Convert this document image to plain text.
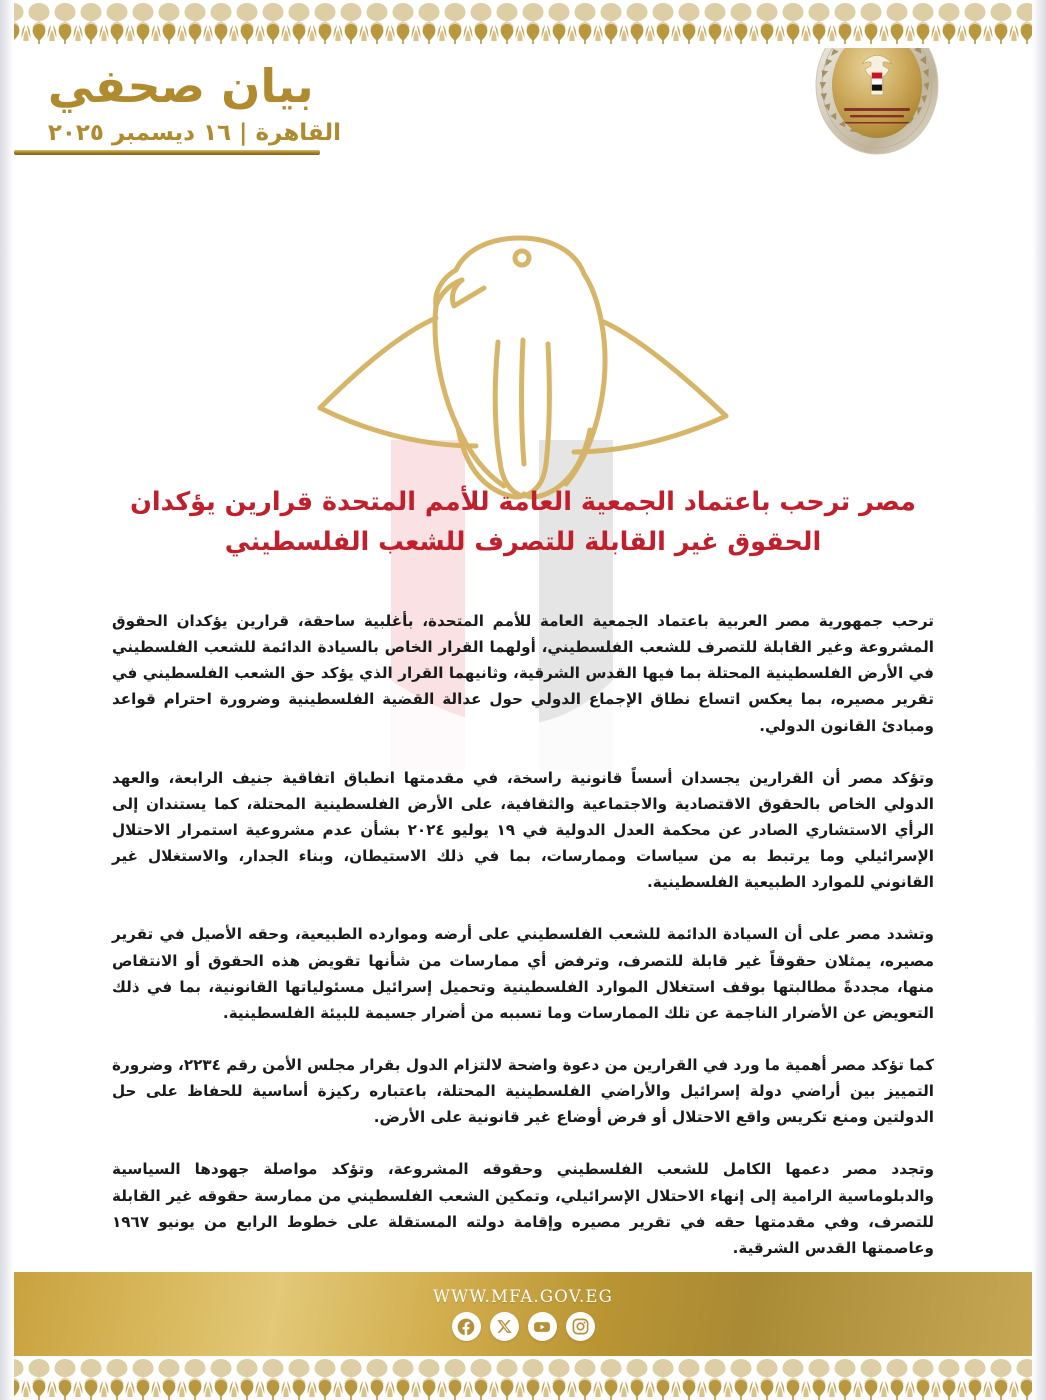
بيان صحفي

القاهرة | ١٦ ديسمبر ٢٠٢٥

مصر ترحب باعتماد الجمعية العامة للأمم المتحدة قرارين يؤكدان الحقوق غير القابلة للتصرف للشعب الفلسطيني

ترحب جمهورية مصر العربية باعتماد الجمعية العامة للأمم المتحدة، بأغلبية ساحقة، قرارين يؤكدان الحقوق المشروعة وغير القابلة للتصرف للشعب الفلسطيني، أولهما القرار الخاص بالسيادة الدائمة للشعب الفلسطيني في الأرض الفلسطينية المحتلة بما فيها القدس الشرقية، وثانيهما القرار الذي يؤكد حق الشعب الفلسطيني في تقرير مصيره، بما يعكس اتساع نطاق الإجماع الدولي حول عدالة القضية الفلسطينية وضرورة احترام قواعد ومبادئ القانون الدولي.

وتؤكد مصر أن القرارين يجسدان أسساً قانونية راسخة، في مقدمتها انطباق اتفاقية جنيف الرابعة، والعهد الدولي الخاص بالحقوق الاقتصادية والاجتماعية والثقافية، على الأرض الفلسطينية المحتلة، كما يستندان إلى الرأي الاستشاري الصادر عن محكمة العدل الدولية في ١٩ يوليو ٢٠٢٤ بشأن عدم مشروعية استمرار الاحتلال الإسرائيلي وما يرتبط به من سياسات وممارسات، بما في ذلك الاستيطان، وبناء الجدار، والاستغلال غير القانوني للموارد الطبيعية الفلسطينية.

وتشدد مصر على أن السيادة الدائمة للشعب الفلسطيني على أرضه وموارده الطبيعية، وحقه الأصيل في تقرير مصيره، يمثلان حقوقاً غير قابلة للتصرف، وترفض أي ممارسات من شأنها تقويض هذه الحقوق أو الانتقاص منها، مجددةً مطالبتها بوقف استغلال الموارد الفلسطينية وتحميل إسرائيل مسئولياتها القانونية، بما في ذلك التعويض عن الأضرار الناجمة عن تلك الممارسات وما تسببه من أضرار جسيمة للبيئة الفلسطينية.

كما تؤكد مصر أهمية ما ورد في القرارين من دعوة واضحة لالتزام الدول بقرار مجلس الأمن رقم ٢٢٣٤، وضرورة التمييز بين أراضي دولة إسرائيل والأراضي الفلسطينية المحتلة، باعتباره ركيزة أساسية للحفاظ على حل الدولتين ومنع تكريس واقع الاحتلال أو فرض أوضاع غير قانونية على الأرض.

وتجدد مصر دعمها الكامل للشعب الفلسطيني وحقوقه المشروعة، وتؤكد مواصلة جهودها السياسية والدبلوماسية الرامية إلى إنهاء الاحتلال الإسرائيلي، وتمكين الشعب الفلسطيني من ممارسة حقوقه غير القابلة للتصرف، وفي مقدمتها حقه في تقرير مصيره وإقامة دولته المستقلة على خطوط الرابع من يونيو ١٩٦٧ وعاصمتها القدس الشرقية.

WWW.MFA.GOV.EG
